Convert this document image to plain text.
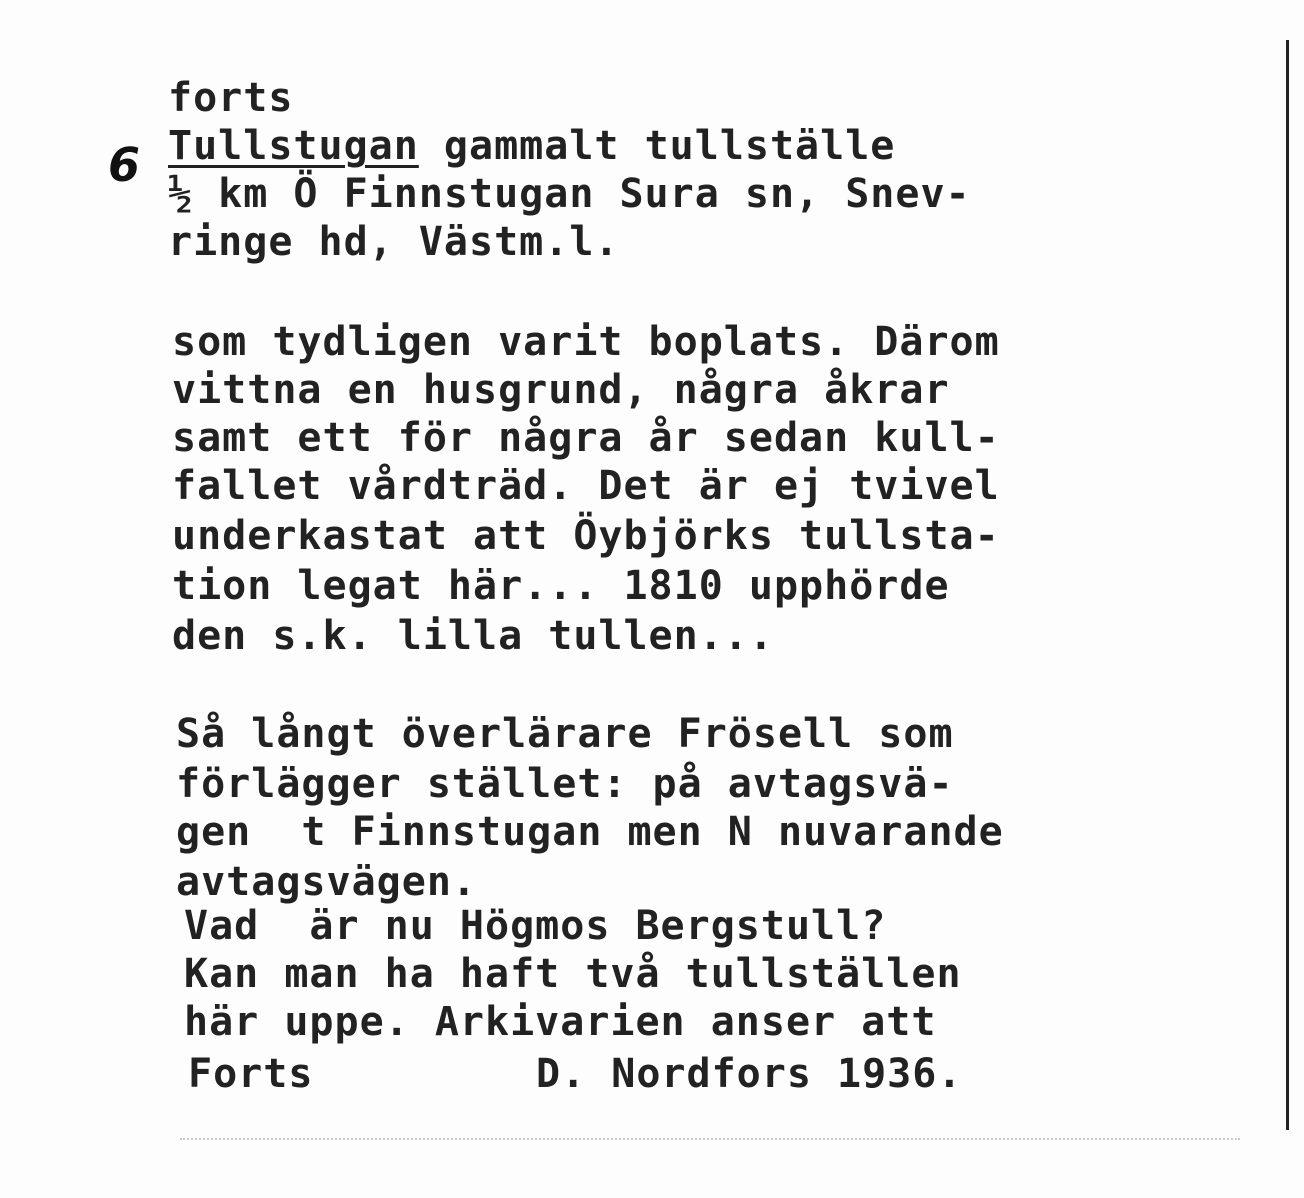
6
forts
Tullstugan gammalt tullställe
½ km Ö Finnstugan Sura sn, Snev-
ringe hd, Västm.l.
som tydligen varit boplats. Därom
vittna en husgrund, några åkrar
samt ett för några år sedan kull-
fallet vårdträd. Det är ej tvivel
underkastat att Öybjörks tullsta-
tion legat här... 1810 upphörde
den s.k. lilla tullen...
Så långt överlärare Frösell som
förlägger stället: på avtagsvä-
gen  t Finnstugan men N nuvarande
avtagsvägen.
Vad  är nu Högmos Bergstull?
Kan man ha haft två tullställen
här uppe. Arkivarien anser att
Forts	D. Nordfors 1936.
